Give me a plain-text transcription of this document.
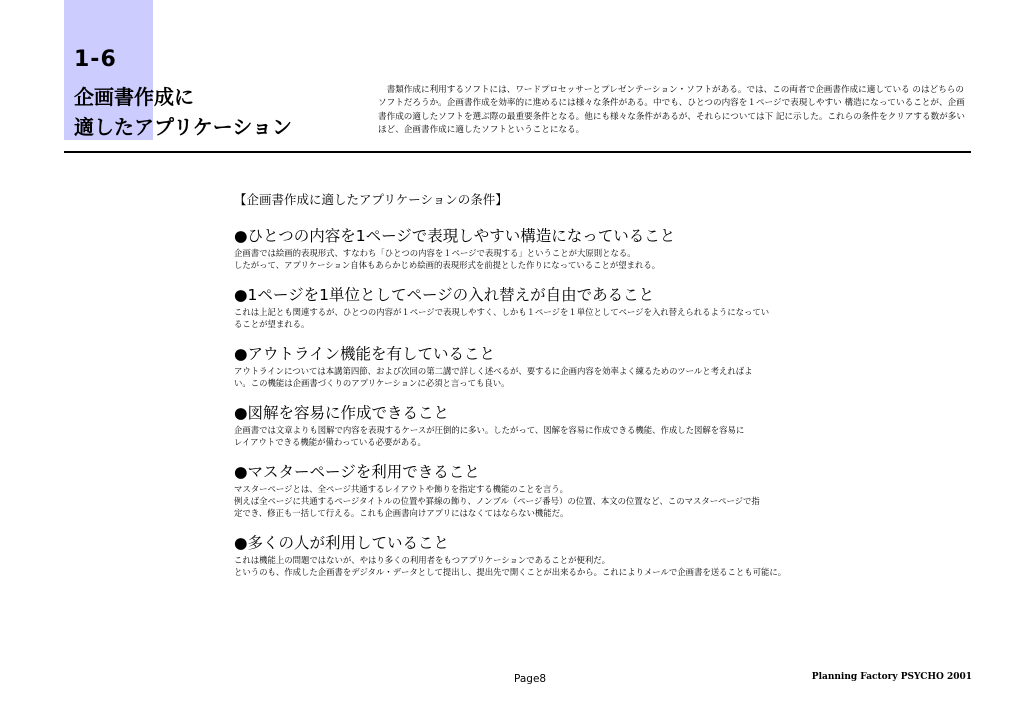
1-6
企画書作成に
適したアプリケーション

書類作成に利用するソフトには、ワードプロセッサーとプレゼンテーション・ソフトがある。では、この両者で企画書作成に適している のはどちらのソフトだろうか。企画書作成を効率的に進めるには様々な条件がある。中でも、ひとつの内容を１ページで表現しやすい 構造になっていることが、企画書作成の適したソフトを選ぶ際の最重要条件となる。他にも様々な条件があるが、それらについては下 記に示した。これらの条件をクリアする数が多いほど、企画書作成に適したソフトということになる。

【企画書作成に適したアプリケーションの条件】

●ひとつの内容を1ページで表現しやすい構造になっていること

企画書では絵画的表現形式、すなわち「ひとつの内容を１ページで表現する」ということが大原則となる。

したがって、アプリケーション自体もあらかじめ絵画的表現形式を前提とした作りになっていることが望まれる。

●1ページを1単位としてページの入れ替えが自由であること

これは上記とも関連するが、ひとつの内容が１ページで表現しやすく、しかも１ページを１単位としてページを入れ替えられるようになってい

ることが望まれる。

●アウトライン機能を有していること

アウトラインについては本講第四節、および次回の第二講で詳しく述べるが、要するに企画内容を効率よく練るためのツールと考えればよ

い。この機能は企画書づくりのアプリケーションに必須と言っても良い。

●図解を容易に作成できること

企画書では文章よりも図解で内容を表現するケースが圧倒的に多い。したがって、図解を容易に作成できる機能、作成した図解を容易に

レイアウトできる機能が備わっている必要がある。

●マスターページを利用できること

マスターページとは、全ページ共通するレイアウトや飾りを指定する機能のことを言う。

例えば全ページに共通するページタイトルの位置や罫線の飾り、ノンブル（ページ番号）の位置、本文の位置など、このマスターページで指

定でき、修正も一括して行える。これも企画書向けアプリにはなくてはならない機能だ。

●多くの人が利用していること

これは機能上の問題ではないが、やはり多くの利用者をもつアプリケーションであることが便利だ。

というのも、作成した企画書をデジタル・データとして提出し、提出先で開くことが出来るから。これによりメールで企画書を送ることも可能に。

Page8	Planning Factory PSYCHO 2001
